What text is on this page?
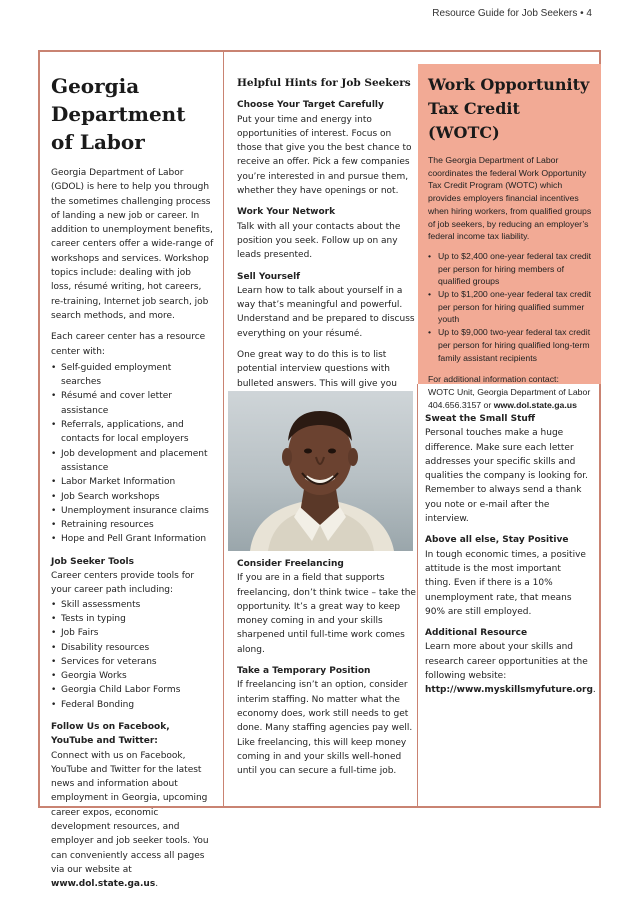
Resource Guide for Job Seekers • 4
Georgia
Department
of Labor

Georgia Department of Labor (GDOL) is here to help you through the sometimes challenging process of landing a new job or career. In addition to unemployment benefits, career centers offer a wide-range of workshops and services. Workshop topics include: dealing with job loss, résumé writing, hot careers, re-training, Internet job search, job search methods, and more.

Each career center has a resource center with:

• Self-guided employment searches
• Résumé and cover letter assistance
• Referrals, applications, and contacts for local employers
• Job development and placement assistance
• Labor Market Information
• Job Search workshops
• Unemployment insurance claims
• Retraining resources
• Hope and Pell Grant Information

Job Seeker Tools

Career centers provide tools for your career path including:

• Skill assessments
• Tests in typing
• Job Fairs
• Disability resources
• Services for veterans
• Georgia Works
• Georgia Child Labor Forms
• Federal Bonding

Follow Us on Facebook, YouTube and Twitter:

Connect with us on Facebook, YouTube and Twitter for the latest news and information about employment in Georgia, upcoming career expos, economic development resources, and employer and job seeker tools. You can conveniently access all pages via our website at www.dol.state.ga.us.

Helpful Hints for Job Seekers

Choose Your Target Carefully

Put your time and energy into opportunities of interest. Focus on those that give you the best chance to receive an offer. Pick a few companies you’re interested in and pursue them, whether they have openings or not.

Work Your Network

Talk with all your contacts about the position you seek. Follow up on any leads presented.

Sell Yourself

Learn how to talk about yourself in a way that’s meaningful and powerful. Understand and be prepared to discuss everything on your résumé.

One great way to do this is to list potential interview questions with bulleted answers. This will give you

Consider Freelancing

If you are in a field that supports freelancing, don’t think twice – take the opportunity. It’s a great way to keep money coming in and your skills sharpened until full-time work comes along.

Take a Temporary Position

If freelancing isn’t an option, consider interim staffing. No matter what the economy does, work still needs to get done. Many staffing agencies pay well. Like freelancing, this will keep money coming in and your skills well-honed until you can secure a full-time job.

Work Opportunity Tax Credit (WOTC)
The Georgia Department of Labor coordinates the federal Work Opportunity Tax Credit Program (WOTC) which provides employers financial incentives when hiring workers, from qualified groups of job seekers, by reducing an employer’s federal income tax liability.
• Up to $2,400 one-year federal tax credit per person for hiring members of qualified groups
• Up to $1,200 one-year federal tax credit per person for hiring qualified summer youth
• Up to $9,000 two-year federal tax credit per person for hiring qualified long-term family assistant recipients
For additional information contact:
WOTC Unit, Georgia Department of Labor 404.656.3157 or www.dol.state.ga.us

Sweat the Small Stuff

Personal touches make a huge difference. Make sure each letter addresses your specific skills and qualities the company is looking for. Remember to always send a thank you note or e-mail after the interview.

Above all else, Stay Positive

In tough economic times, a positive attitude is the most important thing. Even if there is a 10% unemployment rate, that means 90% are still employed.

Additional Resource

Learn more about your skills and research career opportunities at the following website: http://www.myskillsmyfuture.org.
